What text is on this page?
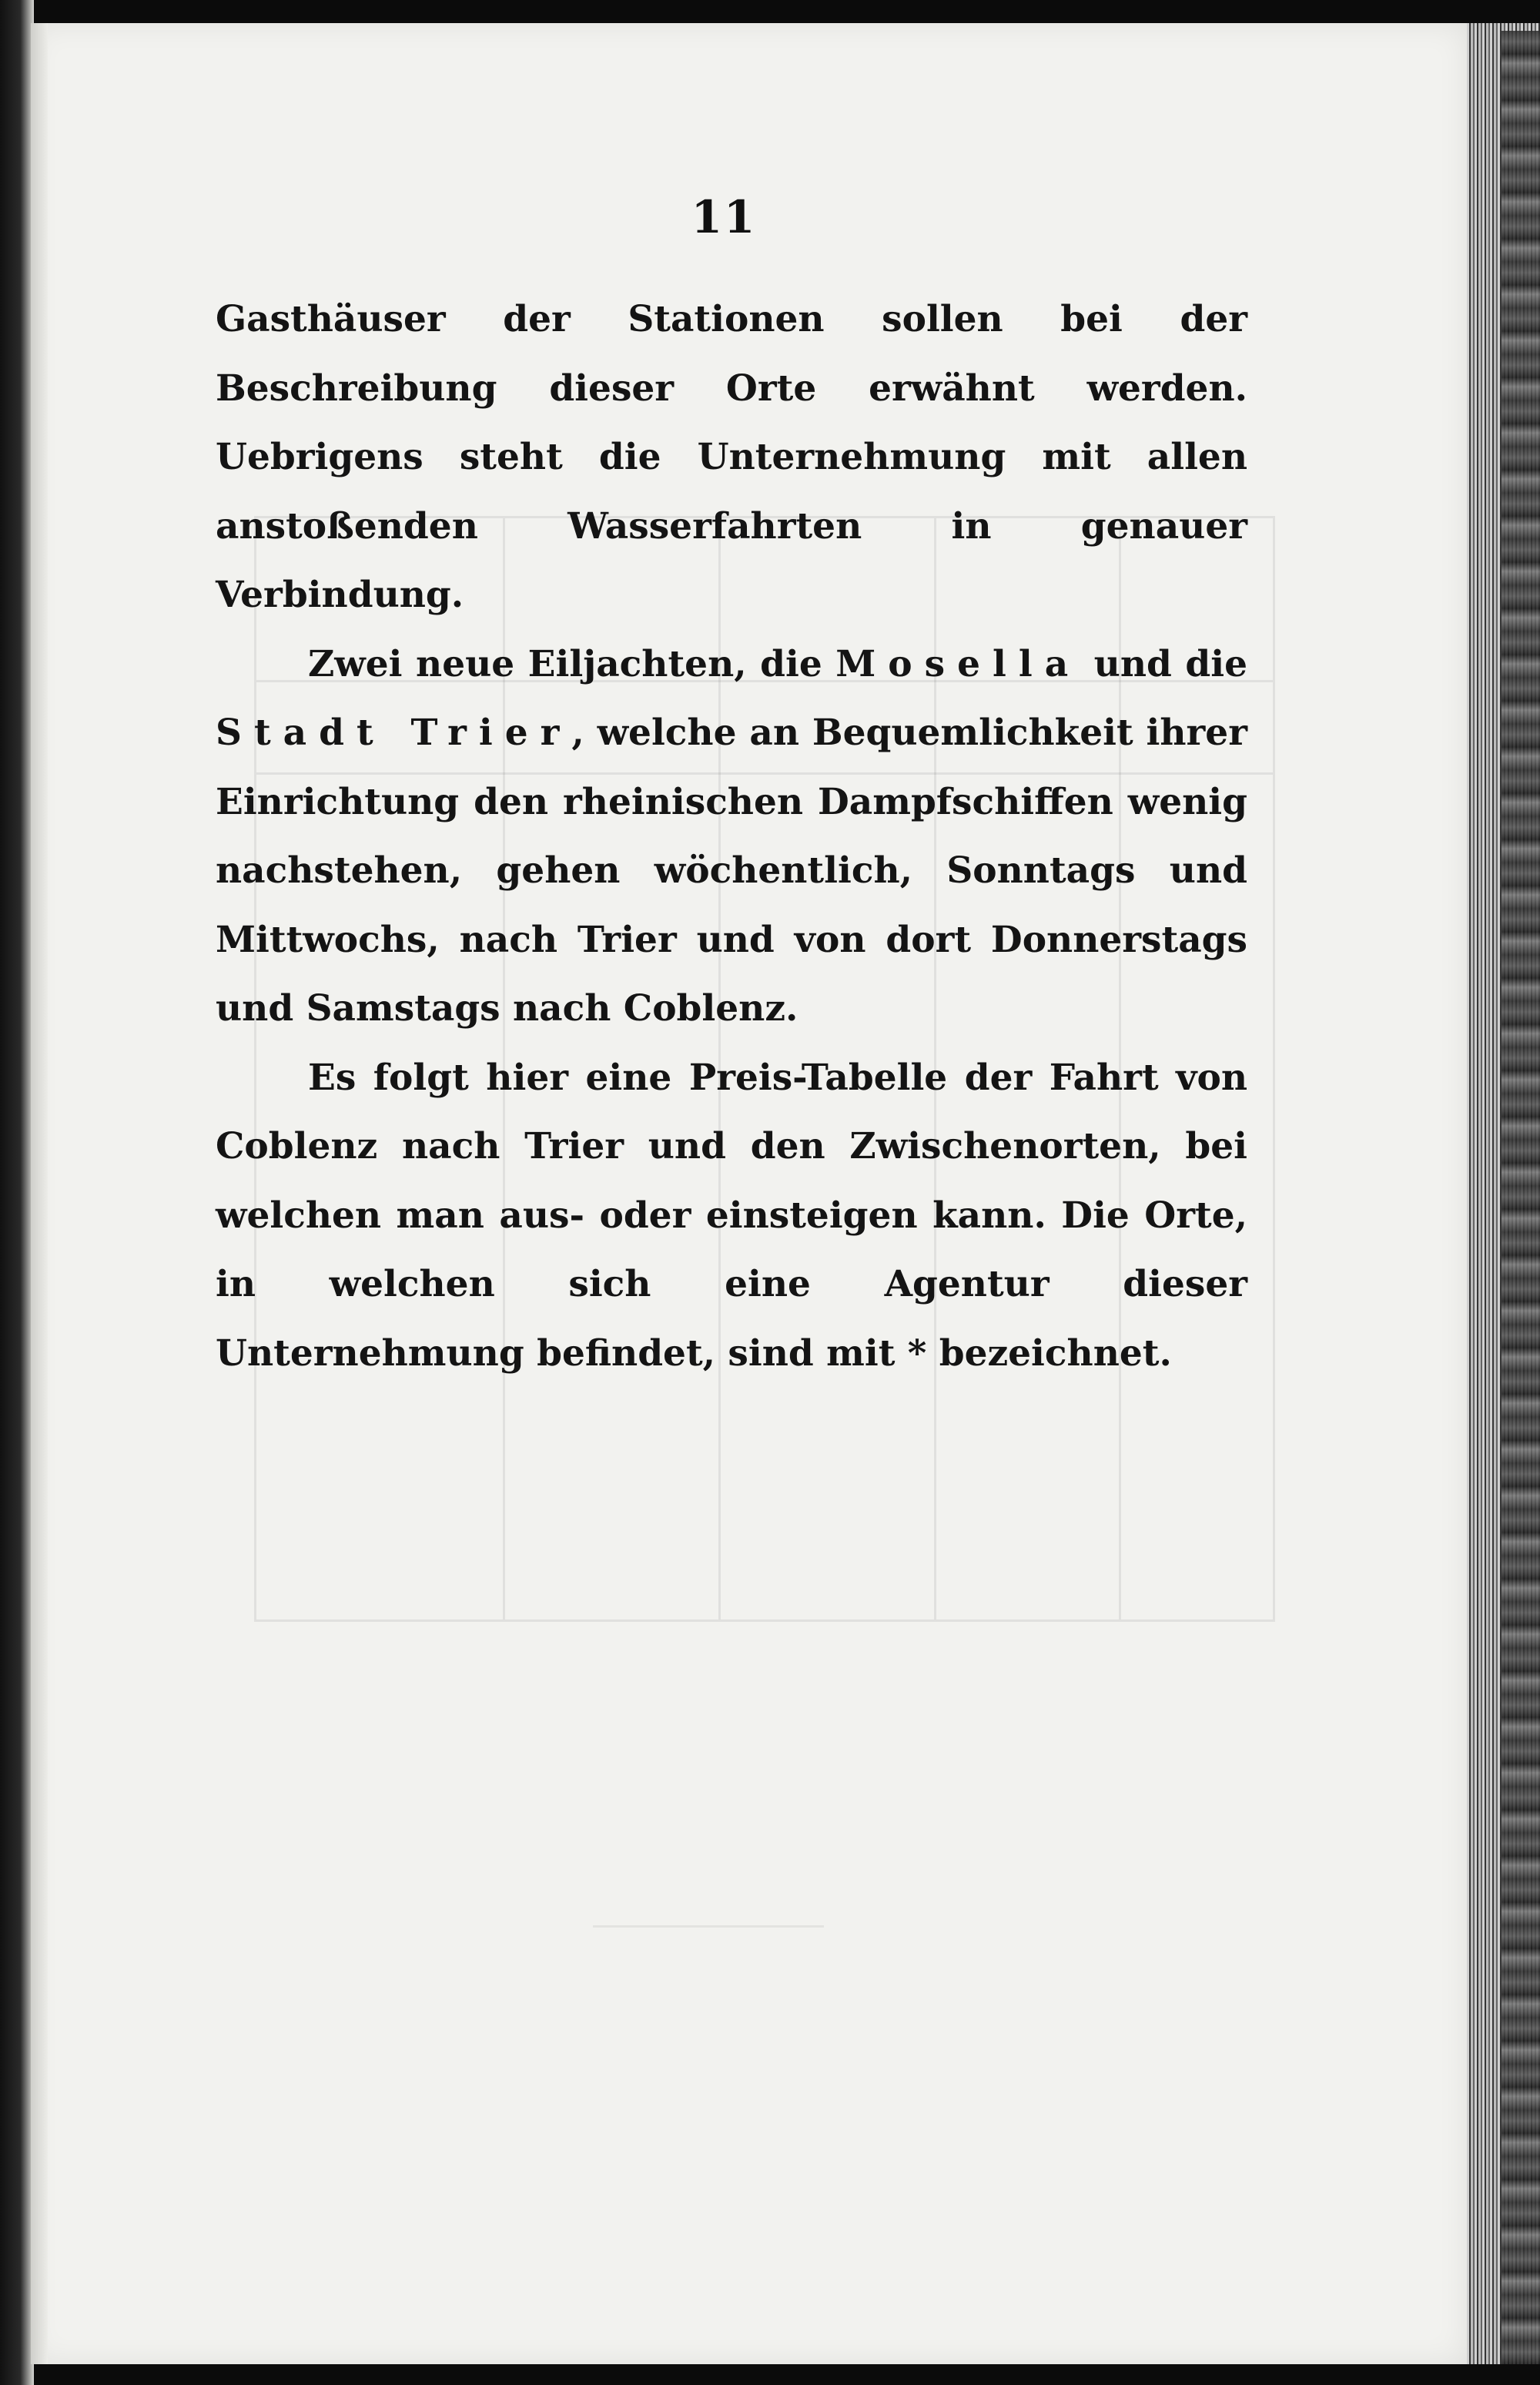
11

Gasthäuser der Stationen sollen bei der Beschreibung dieser Orte erwähnt werden. Uebrigens steht die Unternehmung mit allen anstoßenden Wasserfahrten in genauer Verbindung.

Zwei neue Eiljachten, die Mosella und die Stadt Trier, welche an Bequemlichkeit ihrer Einrichtung den rheinischen Dampfschiffen wenig nachstehen, gehen wöchentlich, Sonntags und Mittwochs, nach Trier und von dort Donnerstags und Samstags nach Coblenz.

Es folgt hier eine Preis-Tabelle der Fahrt von Coblenz nach Trier und den Zwischenorten, bei welchen man aus- oder einsteigen kann. Die Orte, in welchen sich eine Agentur dieser Unternehmung befindet, sind mit * bezeichnet.
